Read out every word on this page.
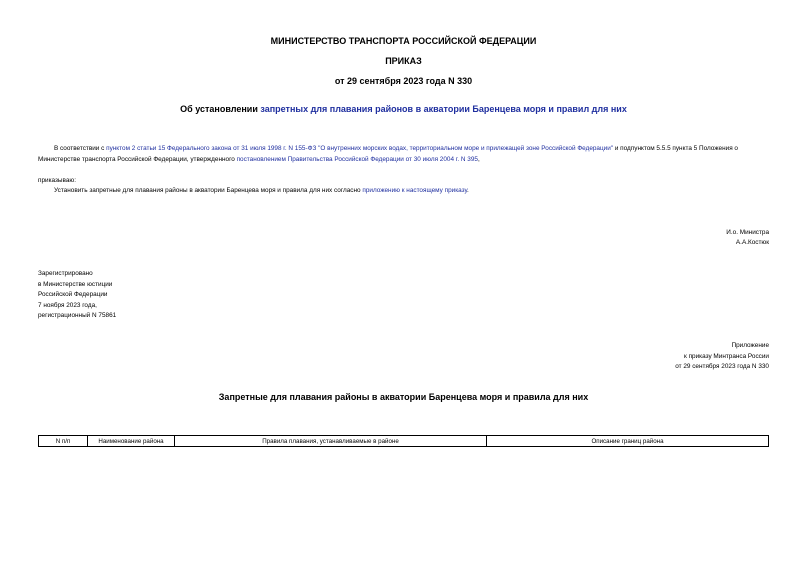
МИНИСТЕРСТВО ТРАНСПОРТА РОССИЙСКОЙ ФЕДЕРАЦИИ
ПРИКАЗ
от 29 сентября 2023 года N 330
Об установлении запретных для плавания районов в акватории Баренцева моря и правил для них
В соответствии с пунктом 2 статьи 15 Федерального закона от 31 июля 1998 г. N 155-ФЗ "О внутренних морских водах, территориальном море и прилежащей зоне Российской Федерации" и подпунктом 5.5.5 пункта 5 Положения о Министерстве транспорта Российской Федерации, утвержденного постановлением Правительства Российской Федерации от 30 июля 2004 г. N 395,
приказываю:
Установить запретные для плавания районы в акватории Баренцева моря и правила для них согласно приложению к настоящему приказу.
И.о. Министра
А.А.Костюк
Зарегистрировано
в Министерстве юстиции
Российской Федерации
7 ноября 2023 года,
регистрационный N 75861
Приложение
к приказу Минтранса России
от 29 сентября 2023 года N 330
Запретные для плавания районы в акватории Баренцева моря и правила для них
N п/п	Наименование района	Правила плавания, устанавливаемые в районе	Описание границ района
